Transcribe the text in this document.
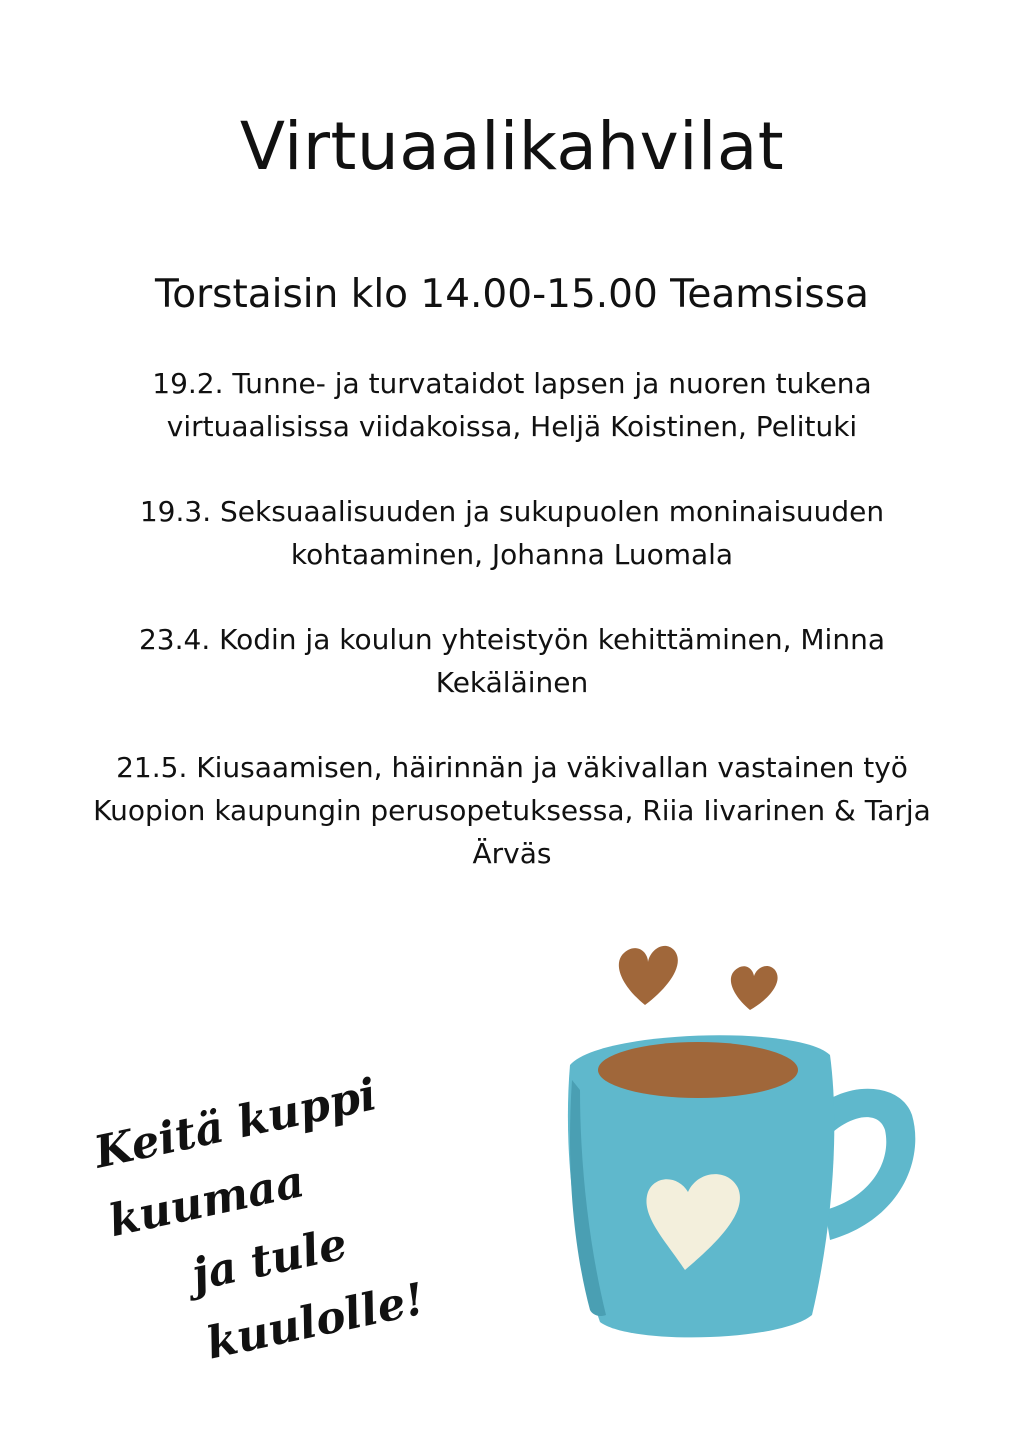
Virtuaalikahvilat

Torstaisin klo 14.00-15.00 Teamsissa

19.2. Tunne- ja turvataidot lapsen ja nuoren tukena virtuaalisissa viidakoissa, Heljä Koistinen, Pelituki
19.3. Seksuaalisuuden ja sukupuolen moninaisuuden kohtaaminen, Johanna Luomala
23.4. Kodin ja koulun yhteistyön kehittäminen, Minna Kekäläinen
21.5. Kiusaamisen, häirinnän ja väkivallan vastainen työ Kuopion kaupungin perusopetuksessa, Riia Iivarinen & Tarja Ärväs
Keitä kuppi kuumaa
ja tule kuulolle!
